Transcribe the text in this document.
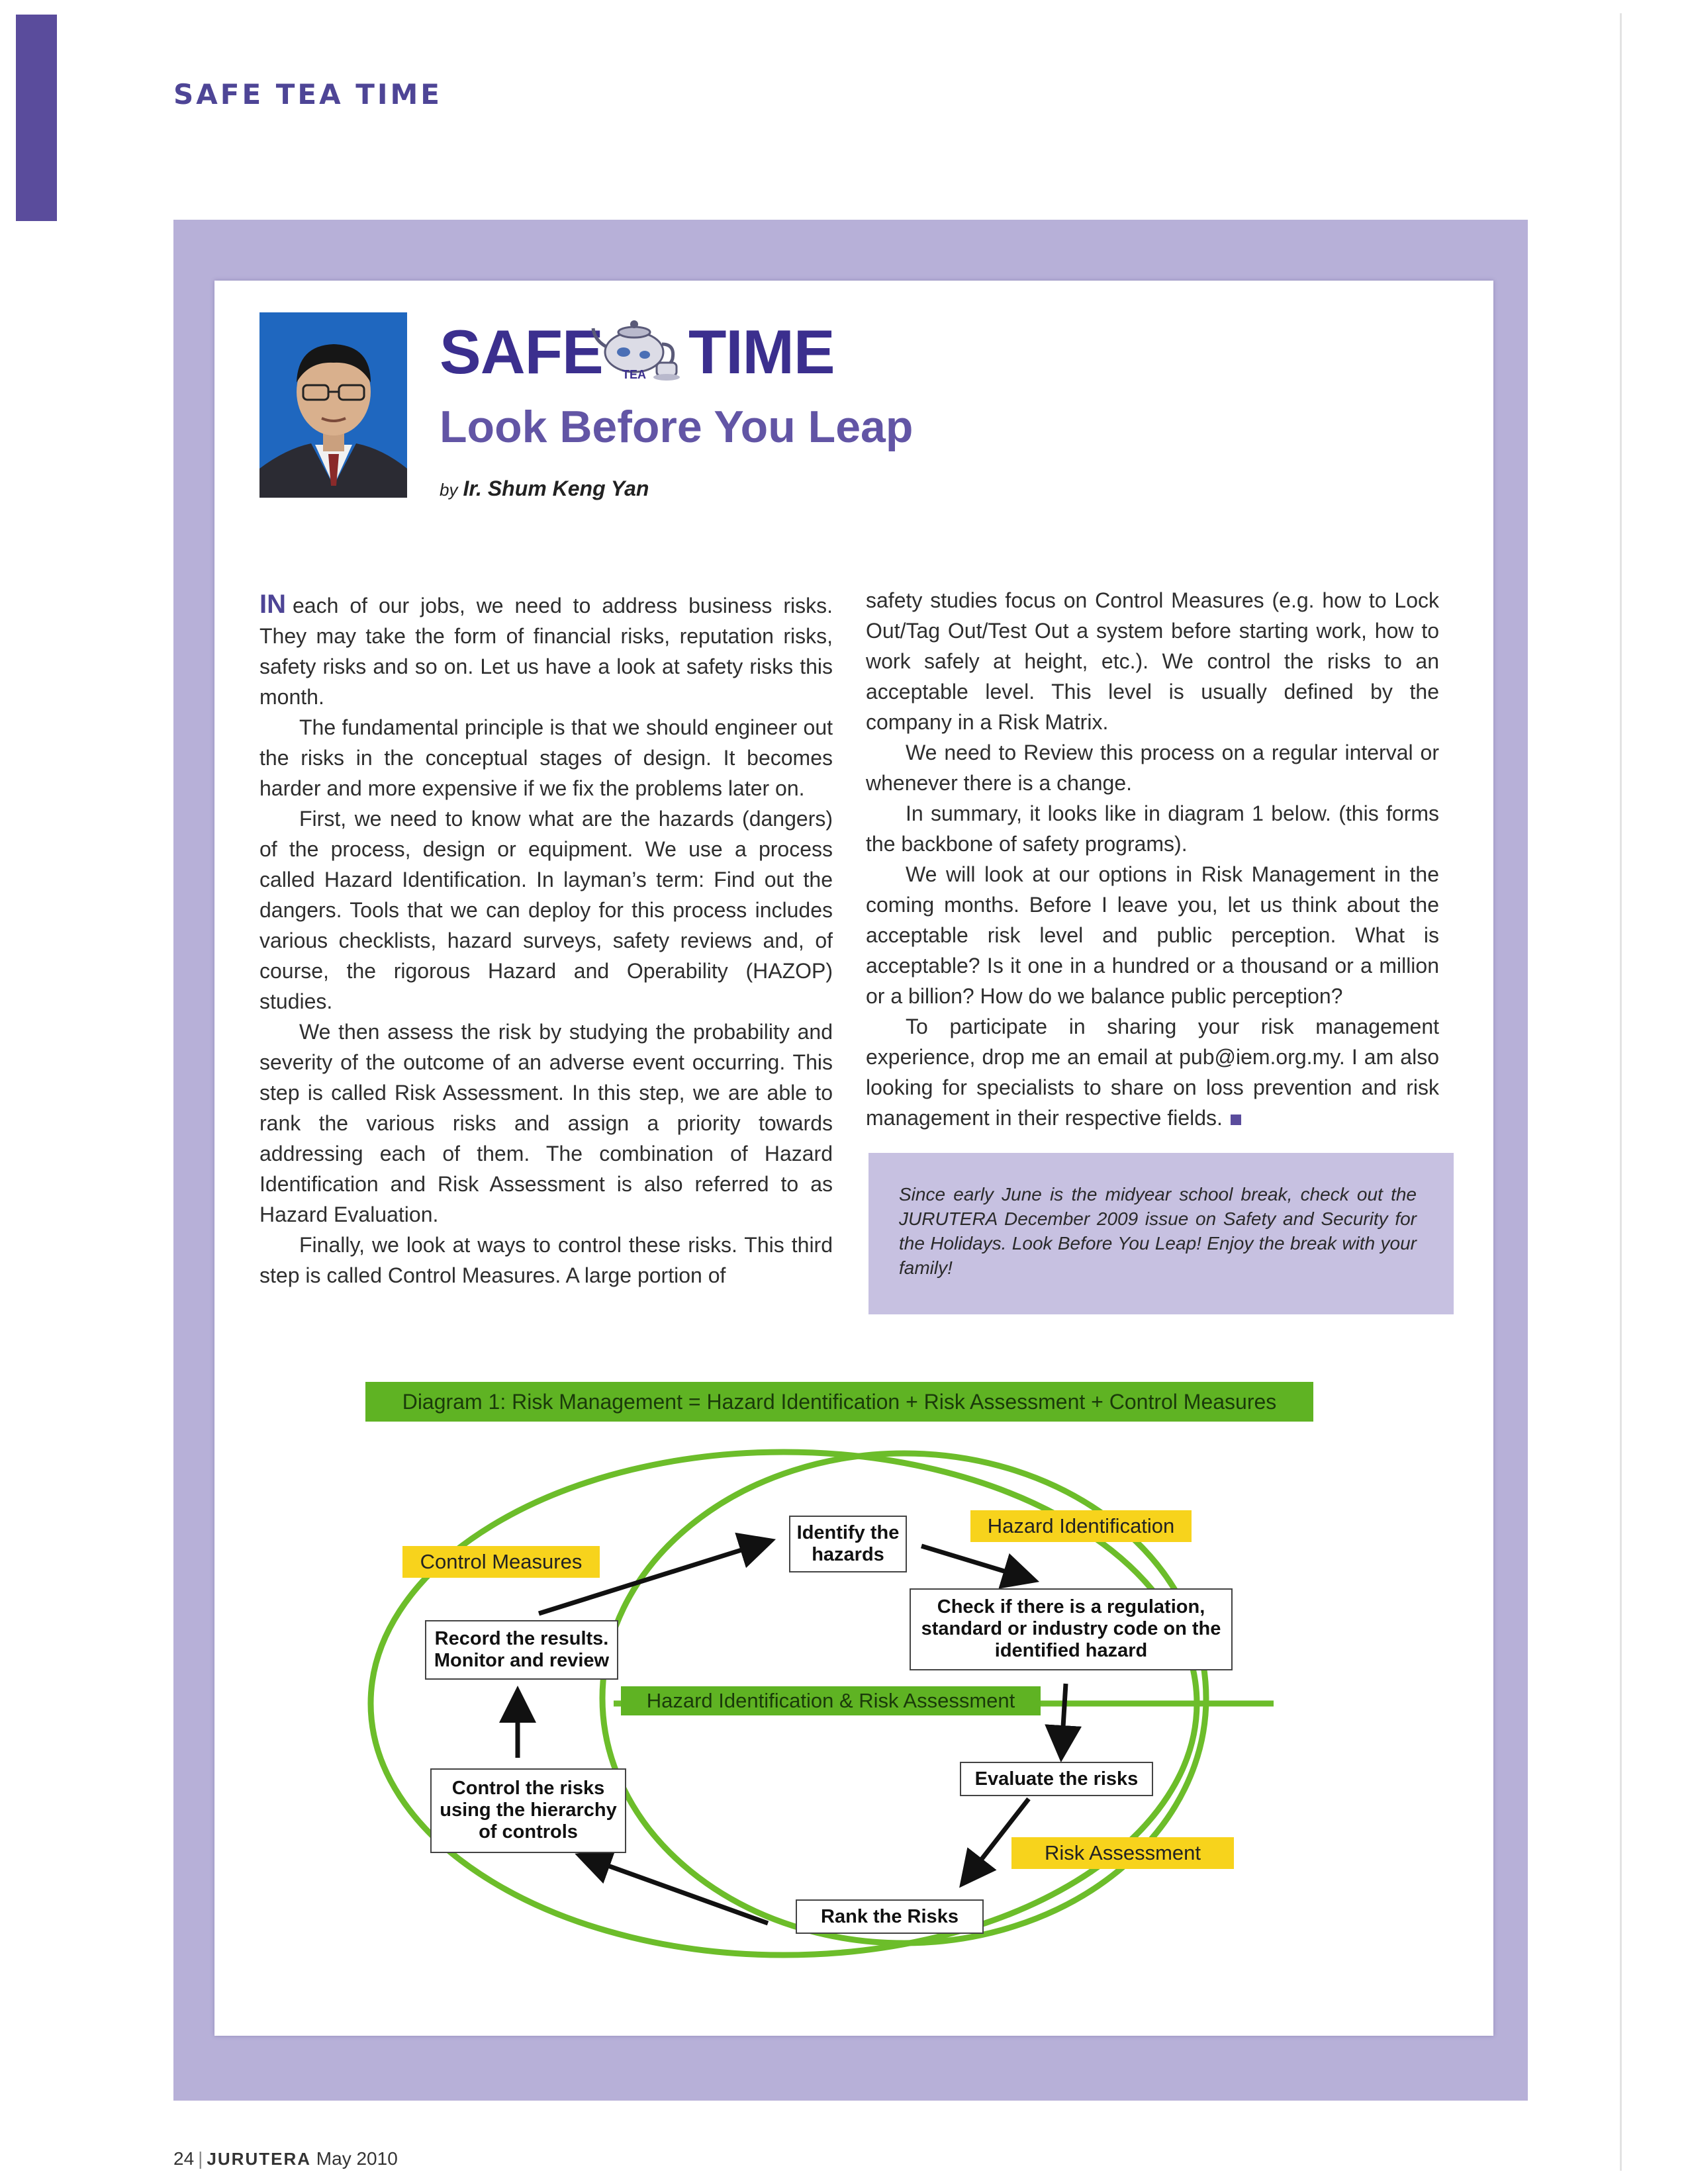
SAFE TEA TIME
SAFE TEA TIME
Look Before You Leap
by Ir. Shum Keng Yan

IN each of our jobs, we need to address business risks. They may take the form of financial risks, reputation risks, safety risks and so on. Let us have a look at safety risks this month.

The fundamental principle is that we should engineer out the risks in the conceptual stages of design. It becomes harder and more expensive if we fix the problems later on.

First, we need to know what are the hazards (dangers) of the process, design or equipment. We use a process called Hazard Identification. In layman’s term: Find out the dangers. Tools that we can deploy for this process includes various checklists, hazard surveys, safety reviews and, of course, the rigorous Hazard and Operability (HAZOP) studies.

We then assess the risk by studying the probability and severity of the outcome of an adverse event occurring. This step is called Risk Assessment. In this step, we are able to rank the various risks and assign a priority towards addressing each of them. The combination of Hazard Identification and Risk Assessment is also referred to as Hazard Evaluation.

Finally, we look at ways to control these risks. This third step is called Control Measures. A large portion of

safety studies focus on Control Measures (e.g. how to Lock Out/Tag Out/Test Out a system before starting work, how to work safely at height, etc.). We control the risks to an acceptable level. This level is usually defined by the company in a Risk Matrix.

We need to Review this process on a regular interval or whenever there is a change.

In summary, it looks like in diagram 1 below. (this forms the backbone of safety programs).

We will look at our options in Risk Management in the coming months. Before I leave you, let us think about the acceptable risk level and public perception. What is acceptable? Is it one in a hundred or a thousand or a million or a billion? How do we balance public perception?

To participate in sharing your risk management experience, drop me an email at pub@iem.org.my. I am also looking for specialists to share on loss prevention and risk management in their respective fields.

Since early June is the midyear school break, check out the JURUTERA December 2009 issue on Safety and Security for the Holidays. Look Before You Leap! Enjoy the break with your family!
Diagram 1: Risk Management = Hazard Identification + Risk Assessment + Control Measures
Control Measures
Hazard Identification
Hazard Identification & Risk Assessment
Risk Assessment
Identify the hazards
Check if there is a regulation, standard or industry code on the identified hazard
Record the results. Monitor and review
Evaluate the risks
Control the risks using the hierarchy of controls
Rank the Risks
24 | JURUTERA May 2010
